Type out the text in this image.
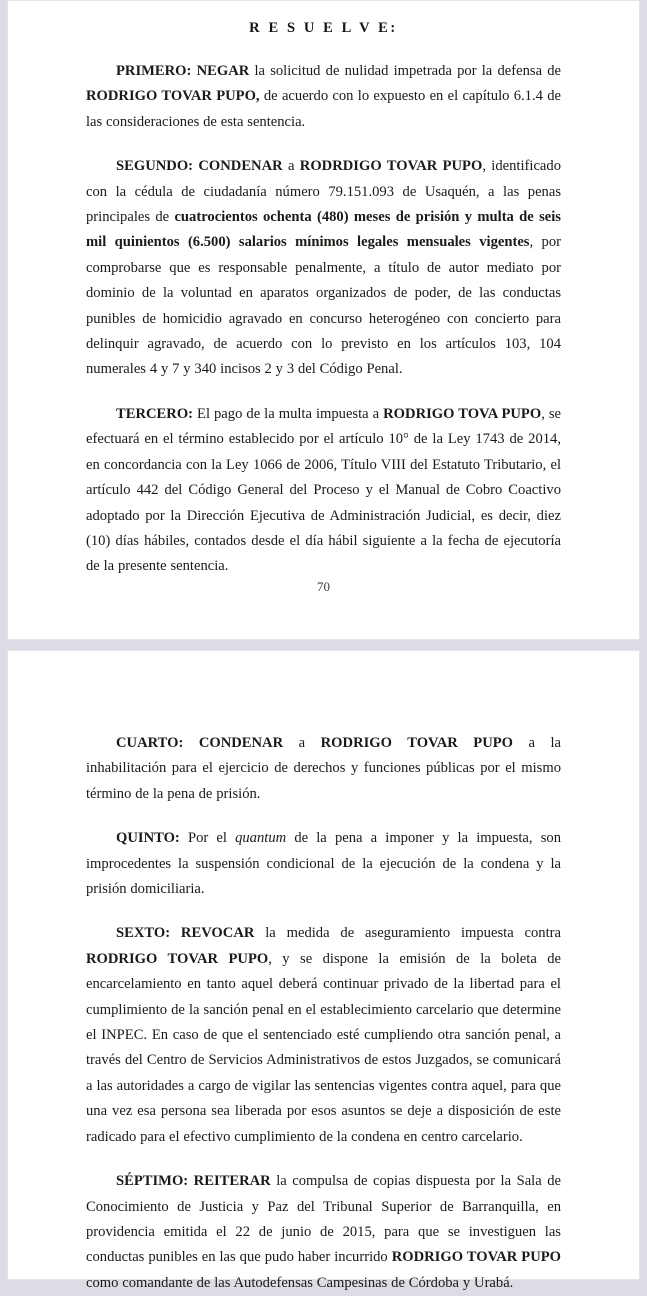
R E S U E L V E:

PRIMERO: NEGAR la solicitud de nulidad impetrada por la defensa de RODRIGO TOVAR PUPO, de acuerdo con lo expuesto en el capítulo 6.1.4 de las consideraciones de esta sentencia.

SEGUNDO: CONDENAR a RODRDIGO TOVAR PUPO, identificado con la cédula de ciudadanía número 79.151.093 de Usaquén, a las penas principales de cuatrocientos ochenta (480) meses de prisión y multa de seis mil quinientos (6.500) salarios mínimos legales mensuales vigentes, por comprobarse que es responsable penalmente, a título de autor mediato por dominio de la voluntad en aparatos organizados de poder, de las conductas punibles de homicidio agravado en concurso heterogéneo con concierto para delinquir agravado, de acuerdo con lo previsto en los artículos 103, 104 numerales 4 y 7 y 340 incisos 2 y 3 del Código Penal.

TERCERO: El pago de la multa impuesta a RODRIGO TOVA PUPO, se efectuará en el término establecido por el artículo 10° de la Ley 1743 de 2014, en concordancia con la Ley 1066 de 2006, Título VIII del Estatuto Tributario, el artículo 442 del Código General del Proceso y el Manual de Cobro Coactivo adoptado por la Dirección Ejecutiva de Administración Judicial, es decir, diez (10) días hábiles, contados desde el día hábil siguiente a la fecha de ejecutoría de la presente sentencia.

70

CUARTO: CONDENAR a RODRIGO TOVAR PUPO a la inhabilitación para el ejercicio de derechos y funciones públicas por el mismo término de la pena de prisión.

QUINTO: Por el quantum de la pena a imponer y la impuesta, son improcedentes la suspensión condicional de la ejecución de la condena y la prisión domiciliaria.

SEXTO: REVOCAR la medida de aseguramiento impuesta contra RODRIGO TOVAR PUPO, y se dispone la emisión de la boleta de encarcelamiento en tanto aquel deberá continuar privado de la libertad para el cumplimiento de la sanción penal en el establecimiento carcelario que determine el INPEC. En caso de que el sentenciado esté cumpliendo otra sanción penal, a través del Centro de Servicios Administrativos de estos Juzgados, se comunicará a las autoridades a cargo de vigilar las sentencias vigentes contra aquel, para que una vez esa persona sea liberada por esos asuntos se deje a disposición de este radicado para el efectivo cumplimiento de la condena en centro carcelario.

SÉPTIMO: REITERAR la compulsa de copias dispuesta por la Sala de Conocimiento de Justicia y Paz del Tribunal Superior de Barranquilla, en providencia emitida el 22 de junio de 2015, para que se investiguen las conductas punibles en las que pudo haber incurrido RODRIGO TOVAR PUPO como comandante de las Autodefensas Campesinas de Córdoba y Urabá.
